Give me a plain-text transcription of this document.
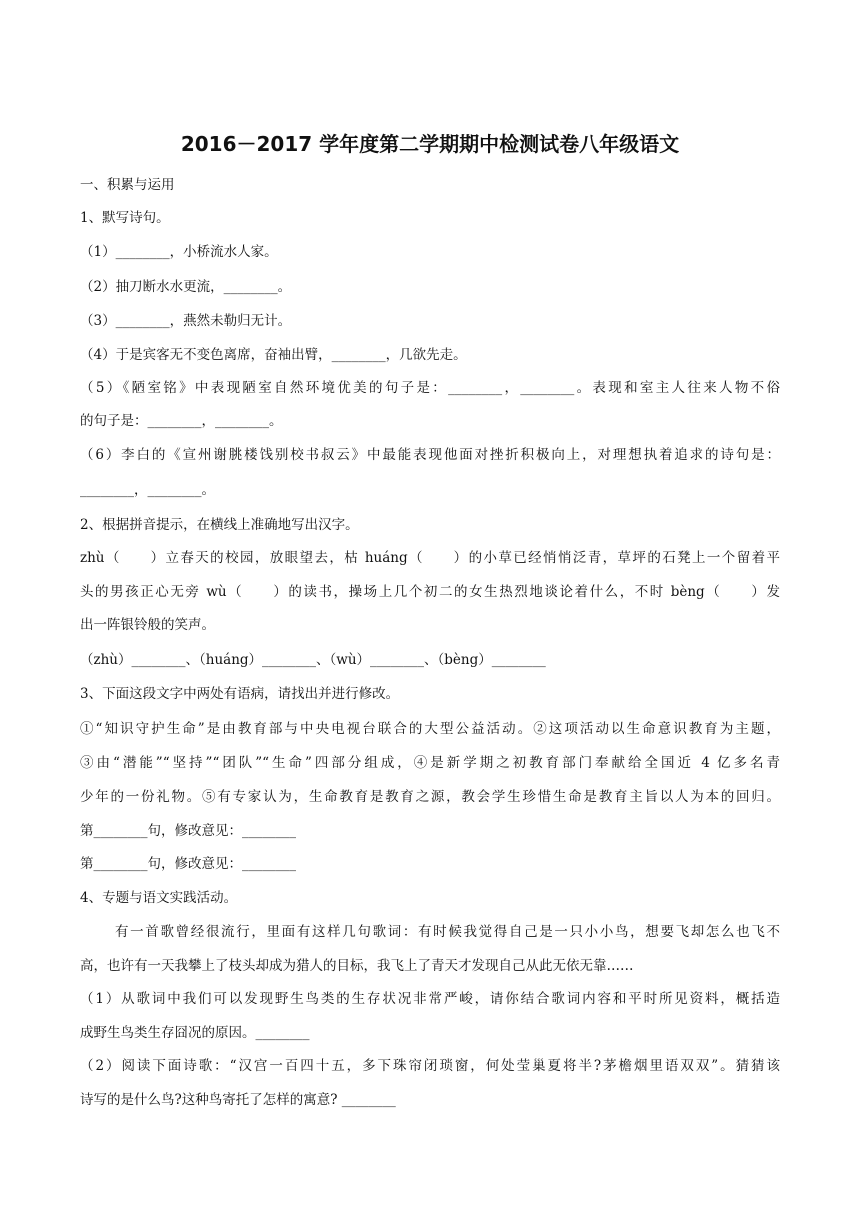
2016－2017 学年度第二学期期中检测试卷八年级语文
一、积累与运用
1、默写诗句。
（1）________，小桥流水人家。
（2）抽刀断水水更流，________。
（3）________，燕然未勒归无计。
（4）于是宾客无不变色离席，奋袖出臂，________，几欲先走。
（5）《陋室铭》中表现陋室自然环境优美的句子是：________，________。表现和室主人往来人物不俗
的句子是：________，________。
（6）李白的《宣州谢朓楼饯别校书叔云》中最能表现他面对挫折积极向上，对理想执着追求的诗句是：
________，________。
2、根据拼音提示，在横线上准确地写出汉字。
zhù（　　）立春天的校园，放眼望去，枯 huáng（　　）的小草已经悄悄泛青，草坪的石凳上一个留着平
头的男孩正心无旁 wù（　　）的读书，操场上几个初二的女生热烈地谈论着什么，不时 bèng（　　）发
出一阵银铃般的笑声。
（zhù）________、（huáng）________、（wù）________、（bèng）________
3、下面这段文字中两处有语病，请找出并进行修改。
①“知识守护生命”是由教育部与中央电视台联合的大型公益活动。②这项活动以生命意识教育为主题，
③由“潜能”“坚持”“团队”“生命”四部分组成，④是新学期之初教育部门奉献给全国近 4 亿多名青
少年的一份礼物。⑤有专家认为，生命教育是教育之源，教会学生珍惜生命是教育主旨以人为本的回归。
第________句，修改意见：________
第________句，修改意见：________
4、专题与语文实践活动。
有一首歌曾经很流行，里面有这样几句歌词：有时候我觉得自己是一只小小鸟，想要飞却怎么也飞不
高，也许有一天我攀上了枝头却成为猎人的目标，我飞上了青天才发现自己从此无依无靠……
（1）从歌词中我们可以发现野生鸟类的生存状况非常严峻，请你结合歌词内容和平时所见资料，概括造
成野生鸟类生存囧况的原因。________
（2）阅读下面诗歌：“汉宫一百四十五，多下珠帘闭琐窗，何处莹巢夏将半?茅檐烟里语双双”。猜猜该
诗写的是什么鸟?这种鸟寄托了怎样的寓意? ________
